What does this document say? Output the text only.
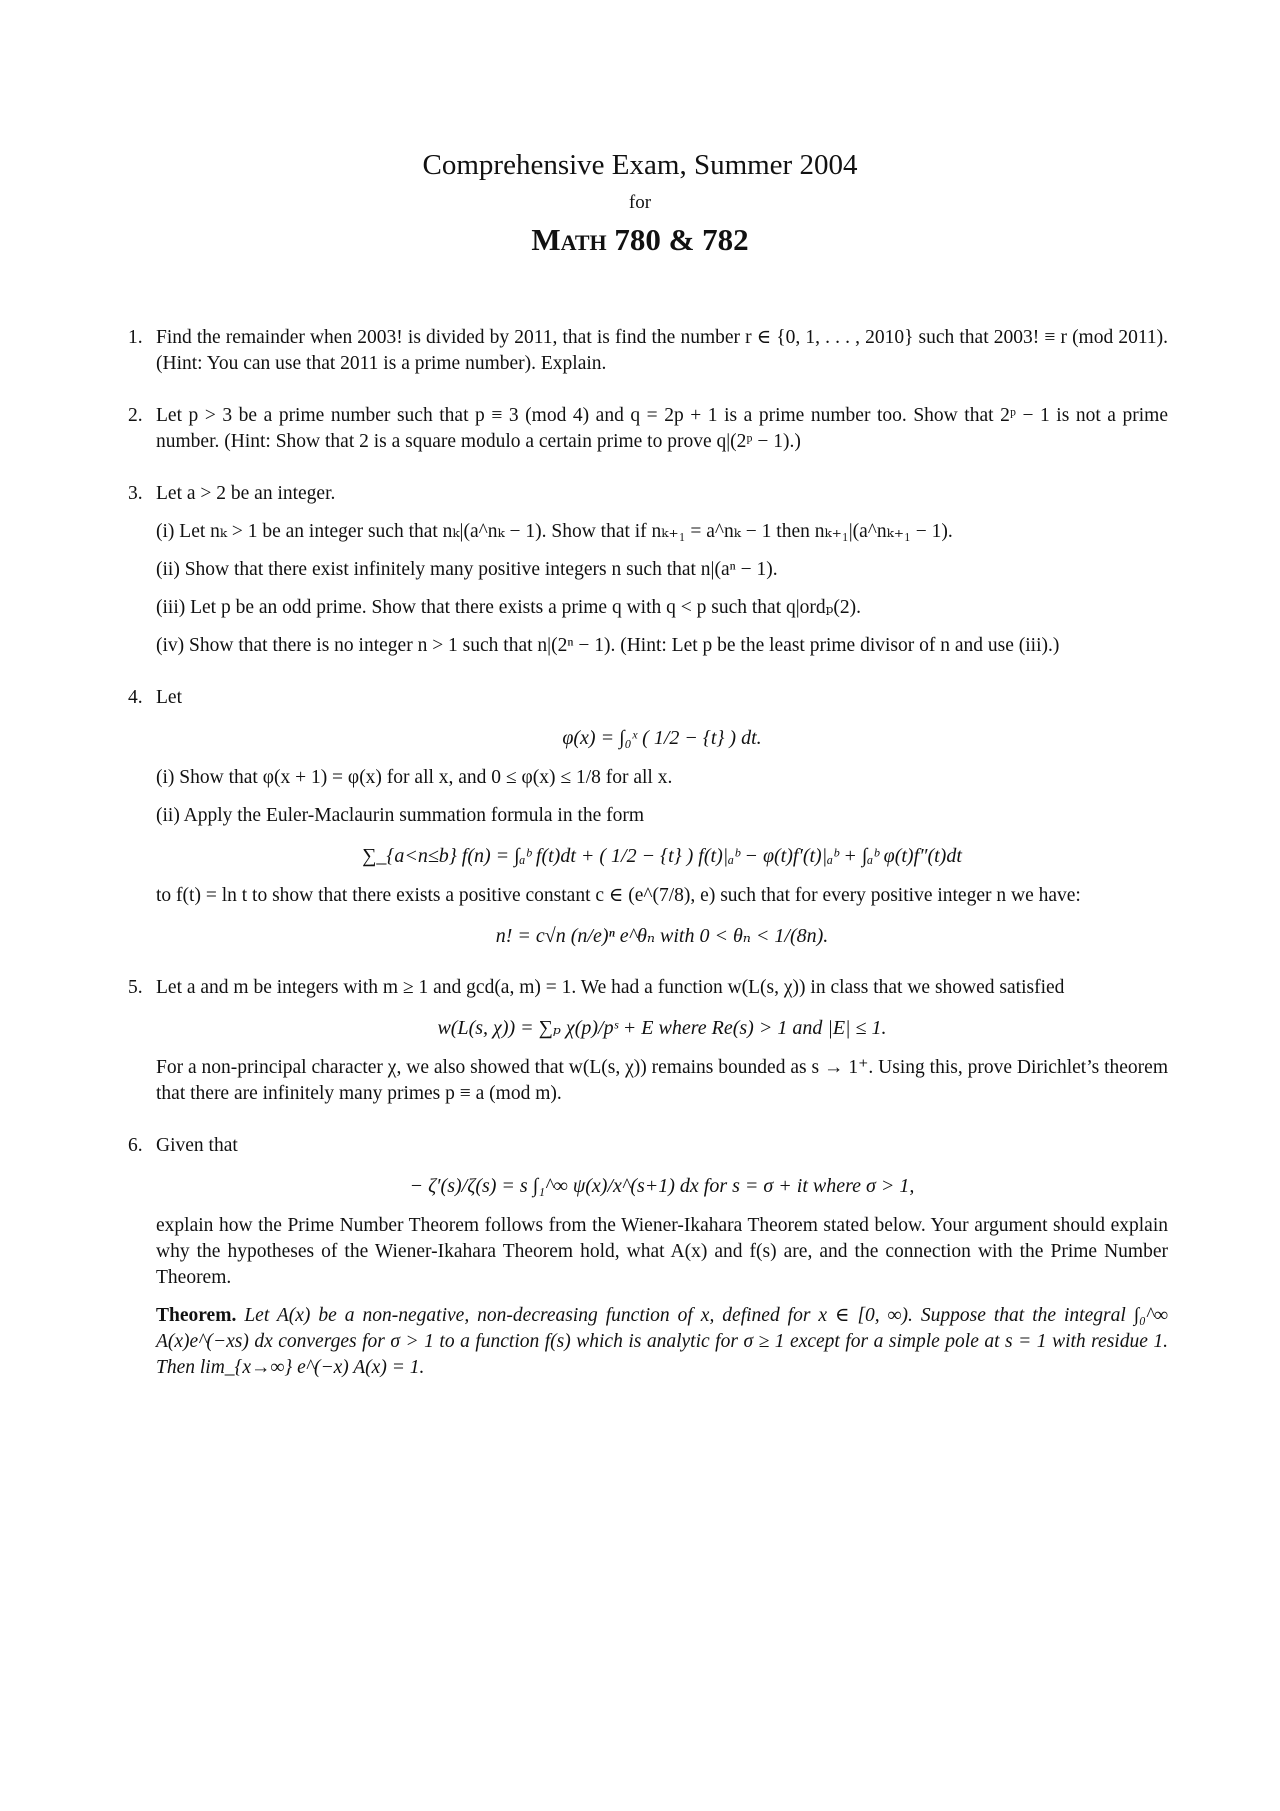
Comprehensive Exam, Summer 2004
for
Math 780 & 782
1. Find the remainder when 2003! is divided by 2011, that is find the number r ∈ {0, 1, . . . , 2010} such that 2003! ≡ r (mod 2011). (Hint: You can use that 2011 is a prime number). Explain.
2. Let p > 3 be a prime number such that p ≡ 3 (mod 4) and q = 2p + 1 is a prime number too. Show that 2ᵖ − 1 is not a prime number. (Hint: Show that 2 is a square modulo a certain prime to prove q|(2ᵖ − 1).)
3. Let a > 2 be an integer.
(i) Let nₖ > 1 be an integer such that nₖ|(a^nₖ − 1). Show that if nₖ₊₁ = a^nₖ − 1 then nₖ₊₁|(a^nₖ₊₁ − 1).
(ii) Show that there exist infinitely many positive integers n such that n|(aⁿ − 1).
(iii) Let p be an odd prime. Show that there exists a prime q with q < p such that q|ordₚ(2).
(iv) Show that there is no integer n > 1 such that n|(2ⁿ − 1). (Hint: Let p be the least prime divisor of n and use (iii).)
4. Let
φ(x) = ∫₀ˣ ( 1/2 − {t} ) dt.
(i) Show that φ(x + 1) = φ(x) for all x, and 0 ≤ φ(x) ≤ 1/8 for all x.
(ii) Apply the Euler-Maclaurin summation formula in the form
∑_{a<n≤b} f(n) = ∫ₐᵇ f(t)dt + ( 1/2 − {t} ) f(t)|ₐᵇ − φ(t)f′(t)|ₐᵇ + ∫ₐᵇ φ(t)f″(t)dt
to f(t) = ln t to show that there exists a positive constant c ∈ (e^(7/8), e) such that for every positive integer n we have:
n! = c√n (n/e)ⁿ e^θₙ with 0 < θₙ < 1/(8n).
5. Let a and m be integers with m ≥ 1 and gcd(a, m) = 1. We had a function w(L(s, χ)) in class that we showed satisfied
w(L(s, χ)) = ∑ₚ χ(p)/pˢ + E where Re(s) > 1 and |E| ≤ 1.
For a non-principal character χ, we also showed that w(L(s, χ)) remains bounded as s → 1⁺. Using this, prove Dirichlet’s theorem that there are infinitely many primes p ≡ a (mod m).
6. Given that
− ζ′(s)/ζ(s) = s ∫₁^∞ ψ(x)/x^(s+1) dx for s = σ + it where σ > 1,
explain how the Prime Number Theorem follows from the Wiener-Ikahara Theorem stated below. Your argument should explain why the hypotheses of the Wiener-Ikahara Theorem hold, what A(x) and f(s) are, and the connection with the Prime Number Theorem.
Theorem. Let A(x) be a non-negative, non-decreasing function of x, defined for x ∈ [0, ∞). Suppose that the integral ∫₀^∞ A(x)e^(−xs) dx converges for σ > 1 to a function f(s) which is analytic for σ ≥ 1 except for a simple pole at s = 1 with residue 1. Then lim_{x→∞} e^(−x) A(x) = 1.
